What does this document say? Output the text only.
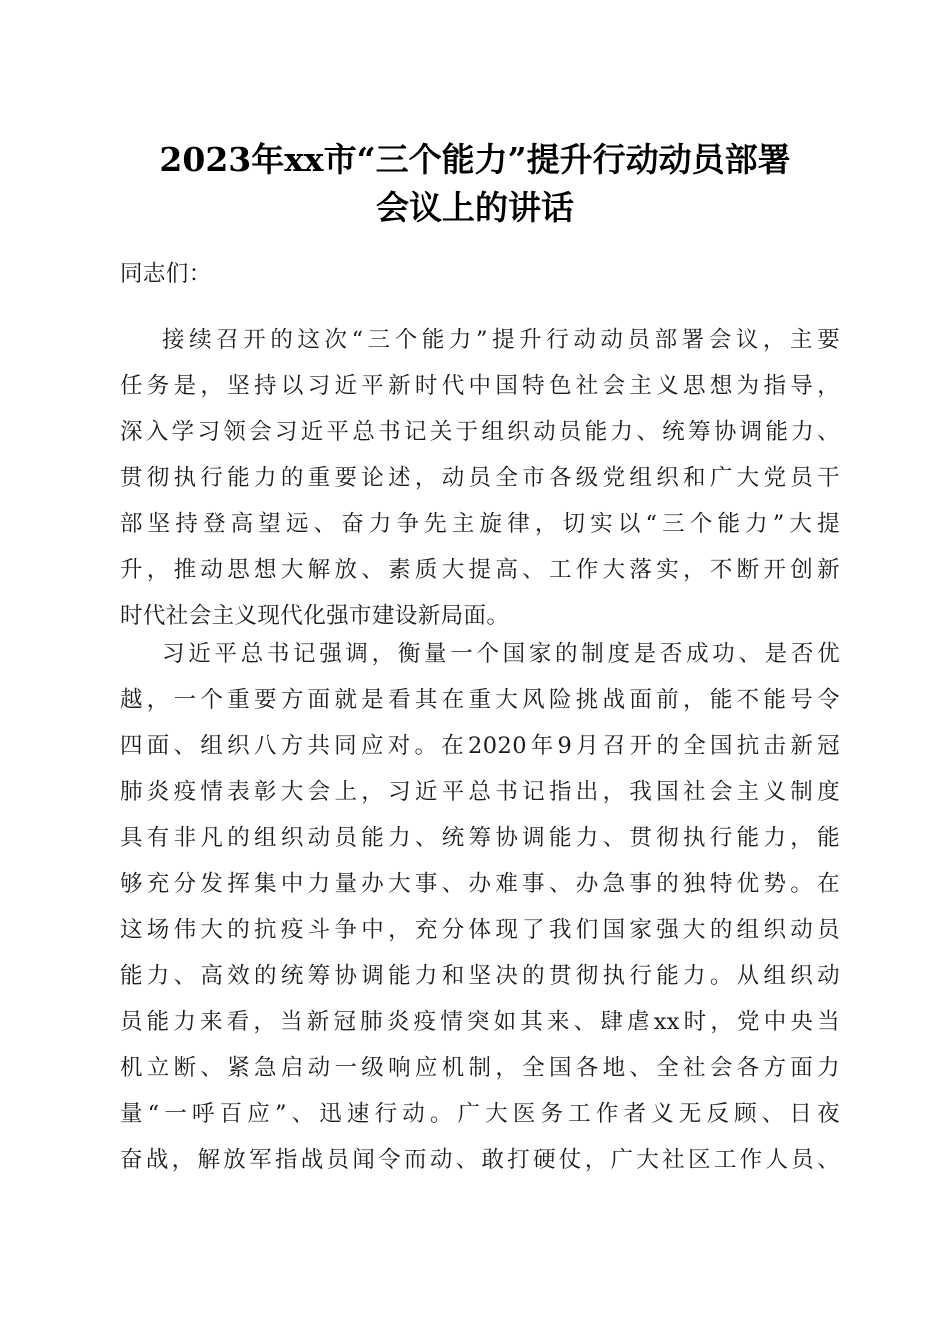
2023年xx市“三个能力”提升行动动员部署
会议上的讲话

同志们：

接续召开的这次“三个能力”提升行动动员部署会议，主要

任务是，坚持以习近平新时代中国特色社会主义思想为指导，

深入学习领会习近平总书记关于组织动员能力、统筹协调能力、

贯彻执行能力的重要论述，动员全市各级党组织和广大党员干

部坚持登高望远、奋力争先主旋律，切实以“三个能力”大提

升，推动思想大解放、素质大提高、工作大落实，不断开创新

时代社会主义现代化强市建设新局面。

习近平总书记强调，衡量一个国家的制度是否成功、是否优

越，一个重要方面就是看其在重大风险挑战面前，能不能号令

四面、组织八方共同应对。在2020年9月召开的全国抗击新冠

肺炎疫情表彰大会上，习近平总书记指出，我国社会主义制度

具有非凡的组织动员能力、统筹协调能力、贯彻执行能力，能

够充分发挥集中力量办大事、办难事、办急事的独特优势。在

这场伟大的抗疫斗争中，充分体现了我们国家强大的组织动员

能力、高效的统筹协调能力和坚决的贯彻执行能力。从组织动

员能力来看，当新冠肺炎疫情突如其来、肆虐xx时，党中央当

机立断、紧急启动一级响应机制，全国各地、全社会各方面力

量“一呼百应”、迅速行动。广大医务工作者义无反顾、日夜

奋战，解放军指战员闻令而动、敢打硬仗，广大社区工作人员、
